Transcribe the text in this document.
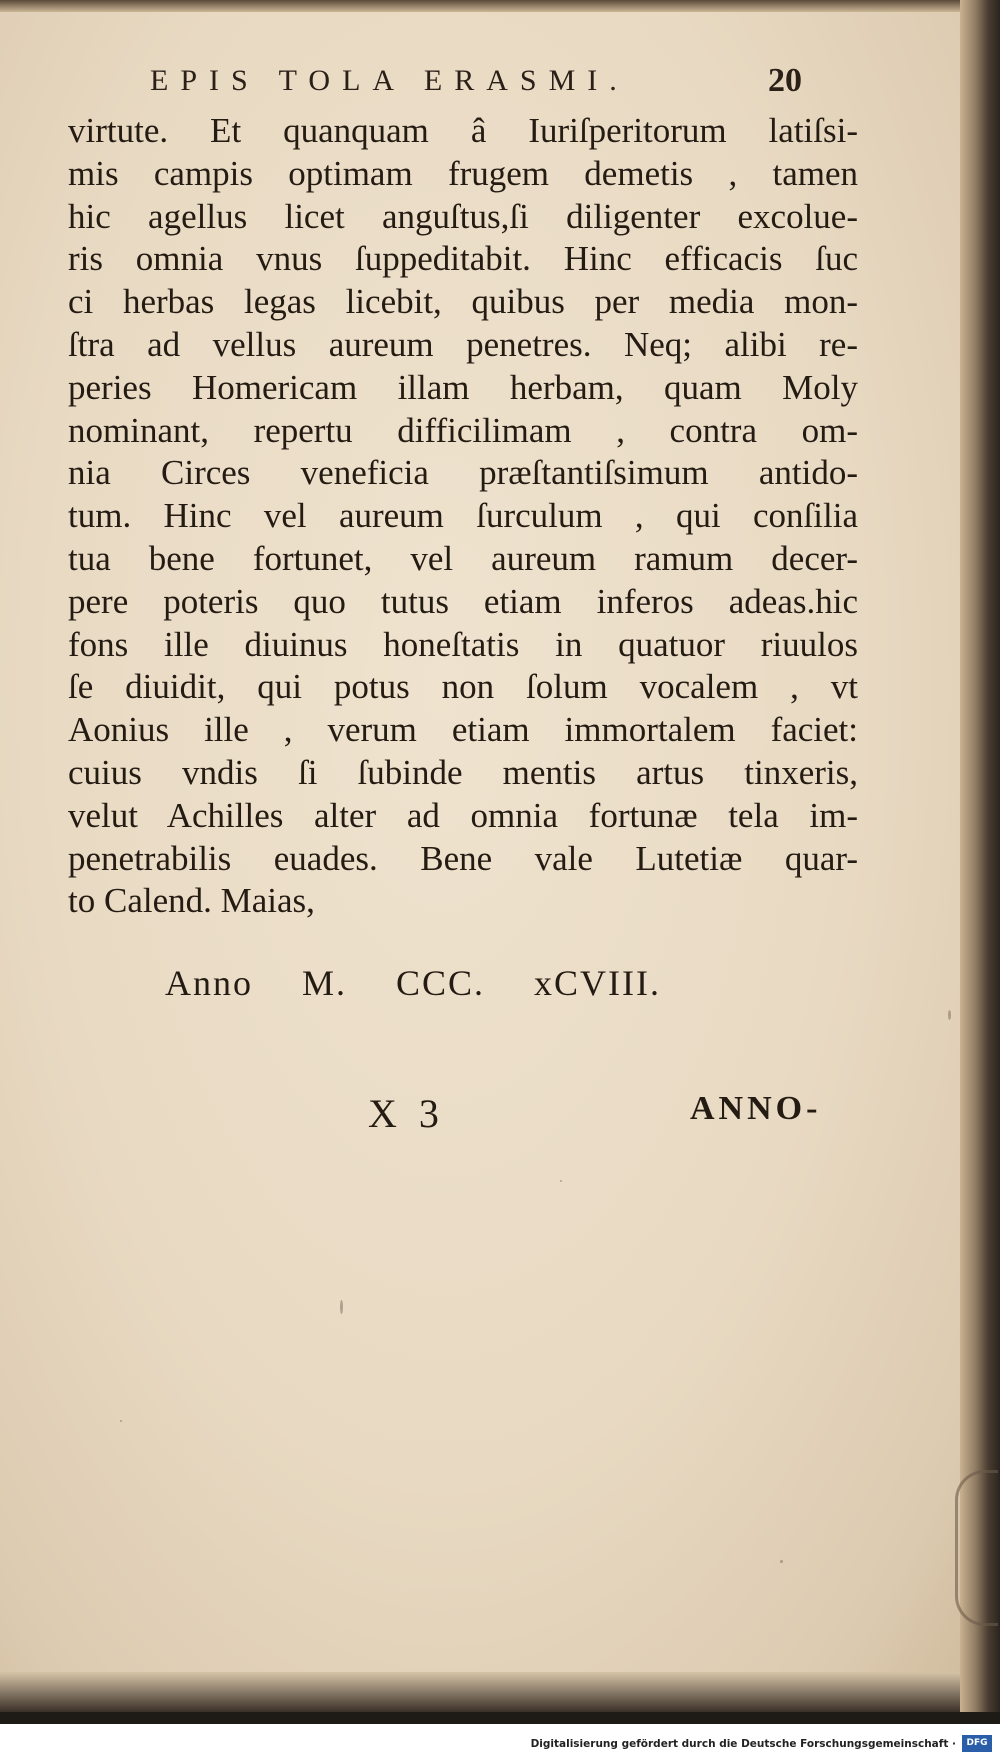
EPIS TOLA ERASMI.	20
virtute. Et quanquam â Iuriſperitorum latiſsi-
mis campis optimam frugem demetis , tamen
hic agellus licet anguſtus,ſi diligenter excolue-
ris omnia vnus ſuppeditabit. Hinc efficacis ſuc
ci herbas legas licebit, quibus per media mon-
ſtra ad vellus aureum penetres. Neq; alibi re-
peries Homericam illam herbam, quam Moly
nominant, repertu difficilimam , contra om-
nia Circes veneficia præſtantiſsimum antido-
tum. Hinc vel aureum ſurculum , qui conſilia
tua bene fortunet, vel aureum ramum decer-
pere poteris quo tutus etiam inferos adeas.hic
fons ille diuinus honeſtatis in quatuor riuulos
ſe diuidit, qui potus non ſolum vocalem , vt
Aonius ille , verum etiam immortalem faciet:
cuius vndis ſi ſubinde mentis artus tinxeris,
velut Achilles alter ad omnia fortunæ tela im-
penetrabilis euades. Bene vale Lutetiæ quar-
to Calend. Maias,
Anno M. CCC. xCVIII.
X 3	ANNO-
Digitalisierung gefördert durch die Deutsche Forschungsgemeinschaft ·	DFG
